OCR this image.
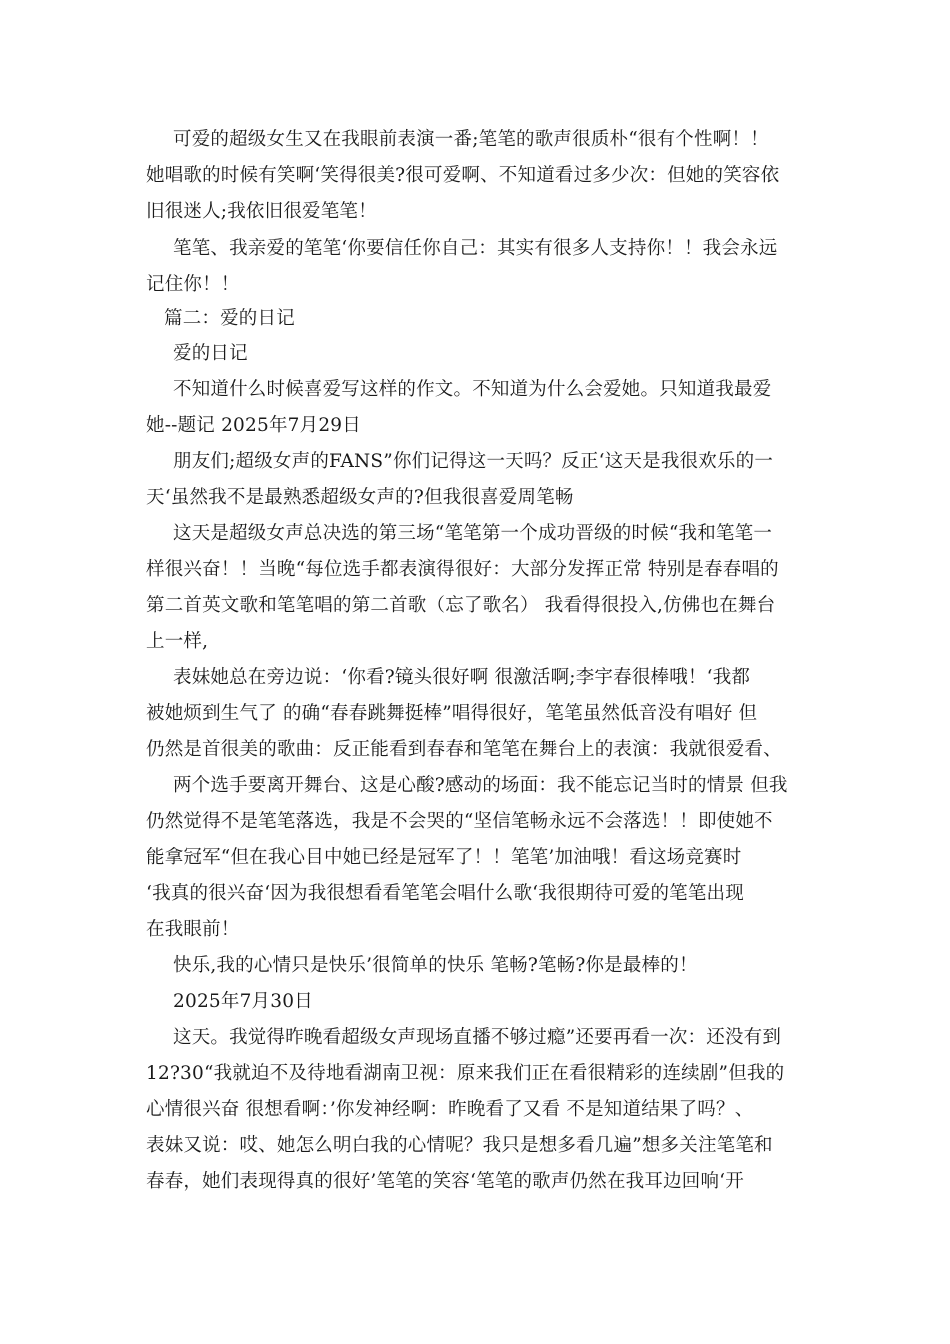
可爱的超级女生又在我眼前表演一番;笔笔的歌声很质朴“很有个性啊！！
她唱歌的时候有笑啊‘笑得很美?很可爱啊、不知道看过多少次：但她的笑容依
旧很迷人;我依旧很爱笔笔！
笔笔、我亲爱的笔笔‘你要信任你自己：其实有很多人支持你！！我会永远
记住你！！
篇二：爱的日记
爱的日记
不知道什么时候喜爱写这样的作文。不知道为什么会爱她。只知道我最爱
她--题记 2025年7月29日
朋友们;超级女声的FANS”你们记得这一天吗？反正‘这天是我很欢乐的一
天‘虽然我不是最熟悉超级女声的?但我很喜爱周笔畅
这天是超级女声总决选的第三场“笔笔第一个成功晋级的时候“我和笔笔一
样很兴奋！！当晚“每位选手都表演得很好：大部分发挥正常 特别是春春唱的
第二首英文歌和笔笔唱的第二首歌（忘了歌名） 我看得很投入,仿佛也在舞台
上一样,
表妹她总在旁边说：‘你看?镜头很好啊 很激活啊;李宇春很棒哦！‘我都
被她烦到生气了 的确“春春跳舞挺棒”唱得很好，笔笔虽然低音没有唱好 但
仍然是首很美的歌曲：反正能看到春春和笔笔在舞台上的表演：我就很爱看、
两个选手要离开舞台、这是心酸?感动的场面：我不能忘记当时的情景 但我
仍然觉得不是笔笔落选，我是不会哭的“坚信笔畅永远不会落选！！即使她不
能拿冠军“但在我心目中她已经是冠军了！！笔笔’加油哦！看这场竞赛时
‘我真的很兴奋‘因为我很想看看笔笔会唱什么歌‘我很期待可爱的笔笔出现
在我眼前！
快乐,我的心情只是快乐’很简单的快乐 笔畅?笔畅?你是最棒的！
2025年7月30日
这天。我觉得昨晚看超级女声现场直播不够过瘾”还要再看一次：还没有到
12?30“我就迫不及待地看湖南卫视：原来我们正在看很精彩的连续剧”但我的
心情很兴奋 很想看啊：’你发神经啊：昨晚看了又看 不是知道结果了吗？、
表妹又说：哎、她怎么明白我的心情呢？我只是想多看几遍”想多关注笔笔和
春春，她们表现得真的很好’笔笔的笑容‘笔笔的歌声仍然在我耳边回响‘开
